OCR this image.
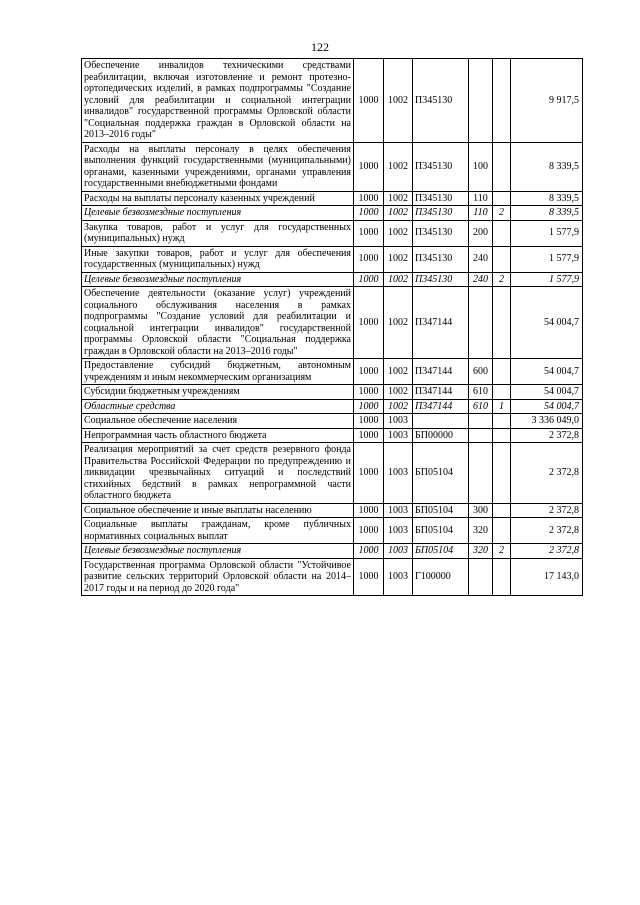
122
Обеспечение инвалидов техническими средствами реабилитации, включая изготовление и ремонт протезно-ортопедических изделий, в рамках подпрограммы "Создание условий для реабилитации и социальной интеграции инвалидов" государственной программы Орловской области "Социальная поддержка граждан в Орловской области на 2013–2016 годы"	1000	1002	П345130			9 917,5
Расходы на выплаты персоналу в целях обеспечения выполнения функций государственными (муниципальными) органами, казенными учреждениями, органами управления государственными внебюджетными фондами	1000	1002	П345130	100		8 339,5
Расходы на выплаты персоналу казенных учреждений	1000	1002	П345130	110		8 339,5
Целевые безвозмездные поступления	1000	1002	П345130	110	2	8 339,5
Закупка товаров, работ и услуг для государственных (муниципальных) нужд	1000	1002	П345130	200		1 577,9
Иные закупки товаров, работ и услуг для обеспечения государственных (муниципальных) нужд	1000	1002	П345130	240		1 577,9
Целевые безвозмездные поступления	1000	1002	П345130	240	2	1 577,9
Обеспечение деятельности (оказание услуг) учреждений социального обслуживания населения в рамках подпрограммы "Создание условий для реабилитации и социальной интеграции инвалидов" государственной программы Орловской области "Социальная поддержка граждан в Орловской области на 2013–2016 годы"	1000	1002	П347144			54 004,7
Предоставление субсидий бюджетным, автономным учреждениям и иным некоммерческим организациям	1000	1002	П347144	600		54 004,7
Субсидии бюджетным учреждениям	1000	1002	П347144	610		54 004,7
Областные средства	1000	1002	П347144	610	1	54 004,7
Социальное обеспечение населения	1000	1003				3 336 049,0
Непрограммная часть областного бюджета	1000	1003	БП00000			2 372,8
Реализация мероприятий за счет средств резервного фонда Правительства Российской Федерации по предупреждению и ликвидации чрезвычайных ситуаций и последствий стихийных бедствий в рамках непрограммной части областного бюджета	1000	1003	БП05104			2 372,8
Социальное обеспечение и иные выплаты населению	1000	1003	БП05104	300		2 372,8
Социальные выплаты гражданам, кроме публичных нормативных социальных выплат	1000	1003	БП05104	320		2 372,8
Целевые безвозмездные поступления	1000	1003	БП05104	320	2	2 372,8
Государственная программа Орловской области "Устойчивое развитие сельских территорий Орловской области на 2014–2017 годы и на период до 2020 года"	1000	1003	Г100000			17 143,0
